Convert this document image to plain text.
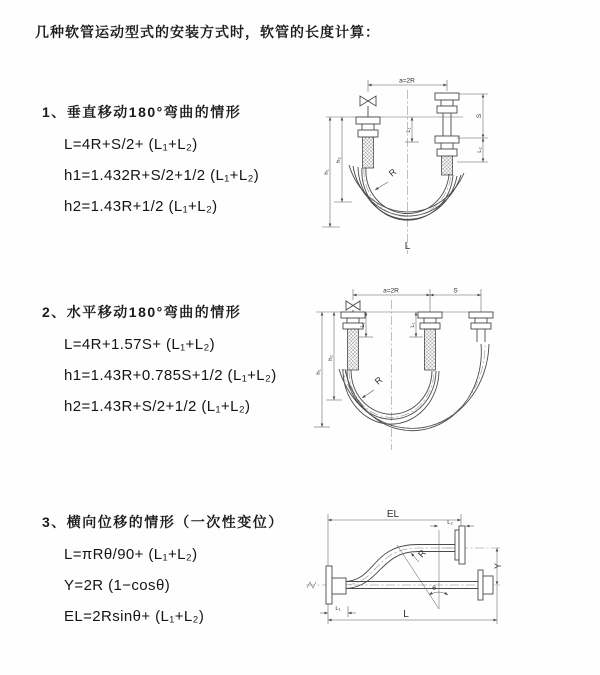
几种软管运动型式的安装方式时，软管的长度计算：
1、垂直移动180°弯曲的情形
L=4R+S/2+ (L₁+L₂)
h1=1.432R+S/2+1/2 (L₁+L₂)
h2=1.43R+1/2 (L₁+L₂)
2、水平移动180°弯曲的情形
L=4R+1.57S+ (L₁+L₂)
h1=1.43R+0.785S+1/2 (L₁+L₂)
h2=1.43R+S/2+1/2 (L₁+L₂)
3、横向位移的情形（一次性变位）
L=πRθ/90+ (L₁+L₂)
Y=2R (1−cosθ)
EL=2Rsinθ+ (L₁+L₂)
a=2R
R
L₁
S
L₂
h₂
h₁
L
a=2R	S
R
L₁	L₁
h₂
h₁
EL
L₂
θ
R
Y
L₁	L
